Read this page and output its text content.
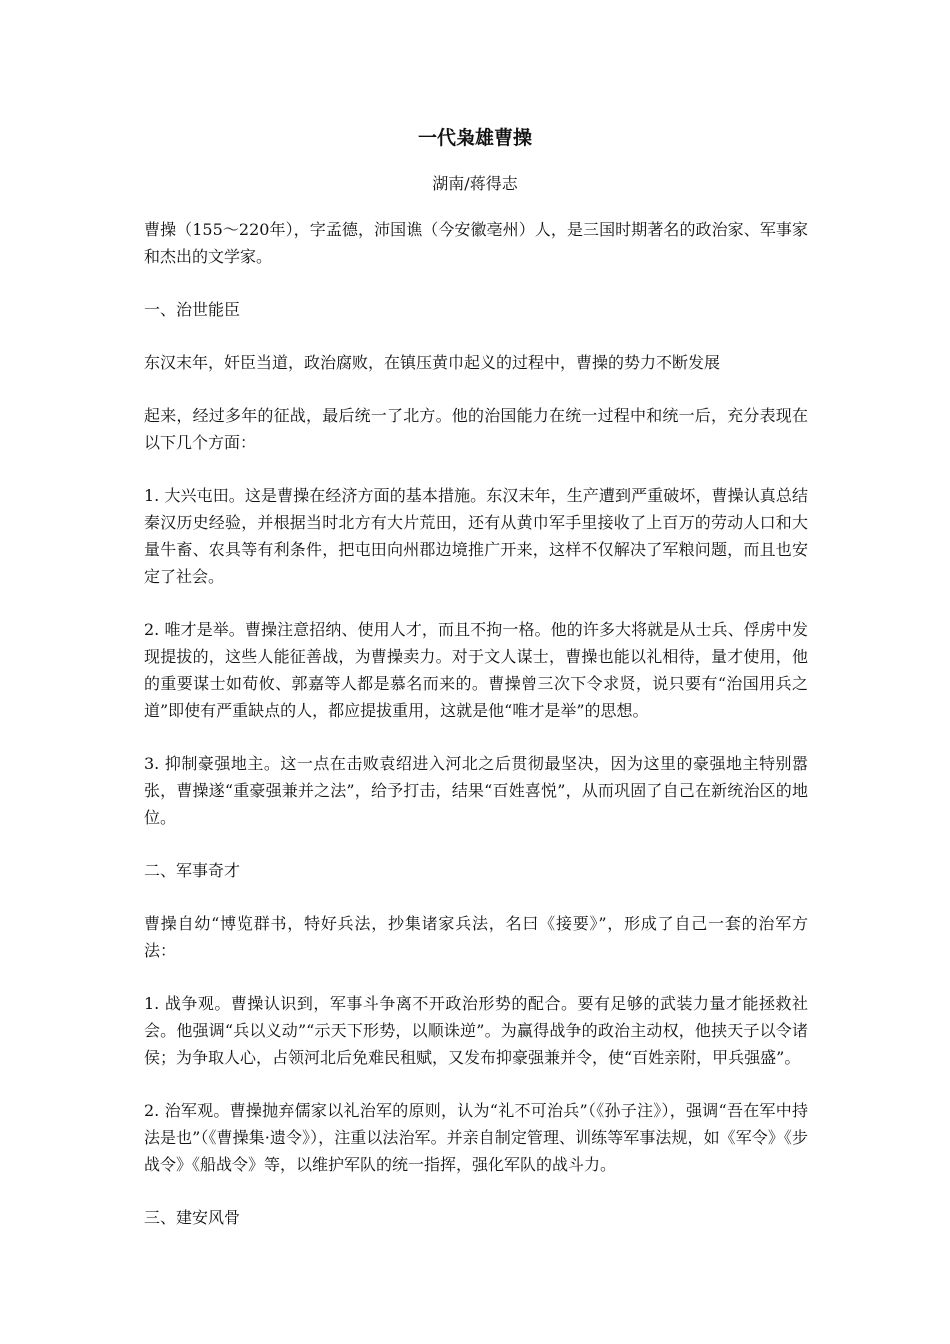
一代枭雄曹操
湖南/蒋得志

曹操（155～220年），字孟德，沛国谯（今安徽亳州）人，是三国时期著名的政治家、军事家和杰出的文学家。

一、治世能臣

东汉末年，奸臣当道，政治腐败，在镇压黄巾起义的过程中，曹操的势力不断发展

起来，经过多年的征战，最后统一了北方。他的治国能力在统一过程中和统一后，充分表现在以下几个方面：

1. 大兴屯田。这是曹操在经济方面的基本措施。东汉末年，生产遭到严重破坏，曹操认真总结秦汉历史经验，并根据当时北方有大片荒田，还有从黄巾军手里接收了上百万的劳动人口和大量牛畜、农具等有利条件，把屯田向州郡边境推广开来，这样不仅解决了军粮问题，而且也安定了社会。

2. 唯才是举。曹操注意招纳、使用人才，而且不拘一格。他的许多大将就是从士兵、俘虏中发现提拔的，这些人能征善战，为曹操卖力。对于文人谋士，曹操也能以礼相待，量才使用，他的重要谋士如荀攸、郭嘉等人都是慕名而来的。曹操曾三次下令求贤，说只要有“治国用兵之道”即使有严重缺点的人，都应提拔重用，这就是他“唯才是举”的思想。

3. 抑制豪强地主。这一点在击败袁绍进入河北之后贯彻最坚决，因为这里的豪强地主特别嚣张，曹操遂“重豪强兼并之法”，给予打击，结果“百姓喜悦”，从而巩固了自己在新统治区的地位。

二、军事奇才

曹操自幼“博览群书，特好兵法，抄集诸家兵法，名曰《接要》”，形成了自己一套的治军方法：

1. 战争观。曹操认识到，军事斗争离不开政治形势的配合。要有足够的武装力量才能拯救社会。他强调“兵以义动”“示天下形势，以顺诛逆”。为赢得战争的政治主动权，他挟天子以令诸侯；为争取人心，占领河北后免难民租赋，又发布抑豪强兼并令，使“百姓亲附，甲兵强盛”。

2. 治军观。曹操抛弃儒家以礼治军的原则，认为“礼不可治兵”（《孙子注》），强调“吾在军中持法是也”（《曹操集·遗令》），注重以法治军。并亲自制定管理、训练等军事法规，如《军令》《步战令》《船战令》等，以维护军队的统一指挥，强化军队的战斗力。

三、建安风骨
